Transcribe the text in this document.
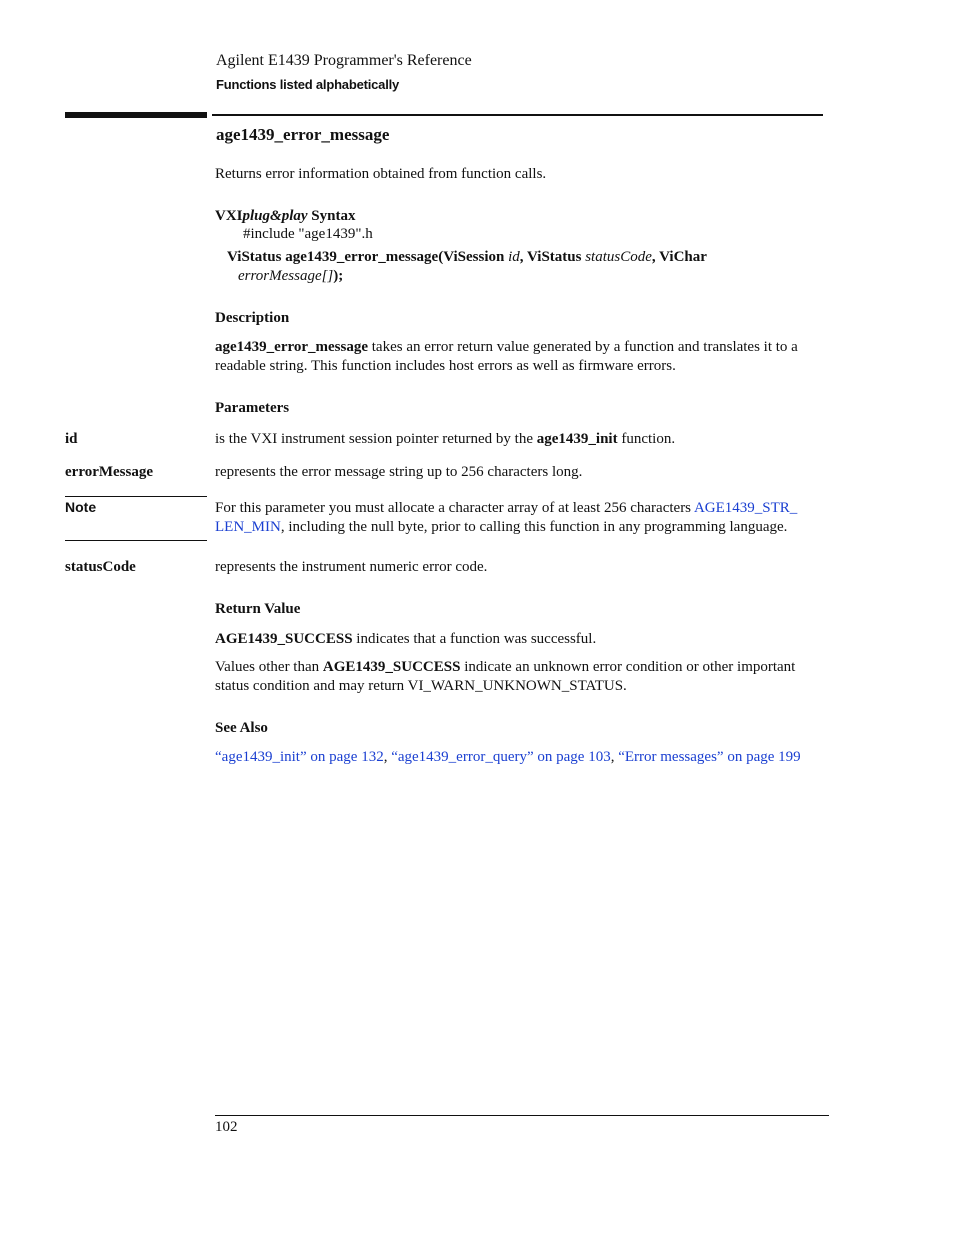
Agilent E1439 Programmer's Reference
Functions listed alphabetically
age1439_error_message
Returns error information obtained from function calls.
VXIplug&play Syntax
#include "age1439".h
ViStatus age1439_error_message(ViSession id, ViStatus statusCode, ViChar
errorMessage[]);
Description
age1439_error_message takes an error return value generated by a function and translates it to a readable string. This function includes host errors as well as firmware errors.
Parameters
id	is the VXI instrument session pointer returned by the age1439_init function.
errorMessage	represents the error message string up to 256 characters long.
Note	For this parameter you must allocate a character array of at least 256 characters AGE1439_STR_
LEN_MIN, including the null byte, prior to calling this function in any programming language.
statusCode	represents the instrument numeric error code.
Return Value
AGE1439_SUCCESS indicates that a function was successful.
Values other than AGE1439_SUCCESS indicate an unknown error condition or other important status condition and may return VI_WARN_UNKNOWN_STATUS.
See Also
“age1439_init” on page 132, “age1439_error_query” on page 103, “Error messages” on page 199
102
